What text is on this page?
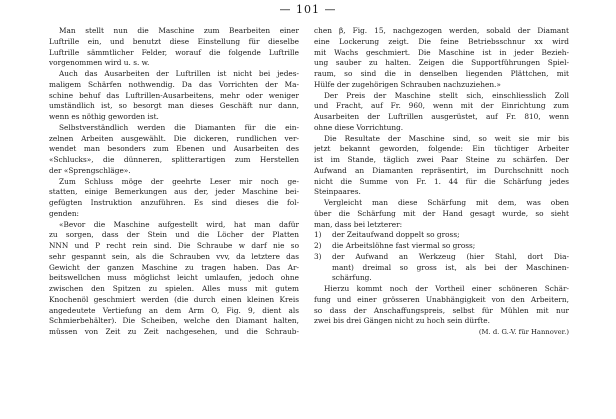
— 101 —
Man stellt nun die Maschine zum Bearbeiten einer
Luftrille ein, und benutzt diese Einstellung für dieselbe
Luftrille sämmtlicher Felder, worauf die folgende Luftrille
vorgenommen wird u. s. w.
Auch das Ausarbeiten der Luftrillen ist nicht bei jedes-
maligem Schärfen nothwendig. Da das Vorrichten der Ma-
schine behuf das Luftrillen-Ausarbeitens, mehr oder weniger
umständlich ist, so besorgt man dieses Geschäft nur dann,
wenn es nöthig geworden ist.
Selbstverständlich werden die Diamanten für die ein-
zelnen Arbeiten ausgewählt. Die dickeren, rundlichen ver-
wendet man besonders zum Ebenen und Ausarbeiten des
«Schlucks», die dünneren, splitterartigen zum Herstellen
der «Sprengschläge».
Zum Schluss möge der geehrte Leser mir noch ge-
statten, einige Bemerkungen aus der, jeder Maschine bei-
gefügten Instruktion anzuführen. Es sind dieses die fol-
genden:
«Bevor die Maschine aufgestellt wird, hat man dafür
zu sorgen, dass der Stein und die Löcher der Platten
NNN und P recht rein sind. Die Schraube w darf nie so
sehr gespannt sein, als die Schrauben vvv, da letztere das
Gewicht der ganzen Maschine zu tragen haben. Das Ar-
beitswellchen muss möglichst leicht umlaufen, jedoch ohne
zwischen den Spitzen zu spielen. Alles muss mit gutem
Knochenöl geschmiert werden (die durch einen kleinen Kreis
angedeutete Vertiefung an dem Arm O, Fig. 9, dient als
Schmierbehälter). Die Scheiben, welche den Diamant halten,
müssen von Zeit zu Zeit nachgesehen, und die Schraub-
chen β, Fig. 15, nachgezogen werden, sobald der Diamant
eine Lockerung zeigt. Die feine Betriebsschnur xx wird
mit Wachs geschmiert. Die Maschine ist in jeder Bezieh-
ung sauber zu halten. Zeigen die Supportführungen Spiel-
raum, so sind die in denselben liegenden Plättchen, mit
Hülfe der zugehörigen Schrauben nachzuziehen.»
Der Preis der Maschine stellt sich, einschliesslich Zoll
und Fracht, auf Fr. 960, wenn mit der Einrichtung zum
Ausarbeiten der Luftrillen ausgerüstet, auf Fr. 810, wenn
ohne diese Vorrichtung.
Die Resultate der Maschine sind, so weit sie mir bis
jetzt bekannt geworden, folgende: Ein tüchtiger Arbeiter
ist im Stande, täglich zwei Paar Steine zu schärfen. Der
Aufwand an Diamanten repräsentirt, im Durchschnitt noch
nicht die Summe von Fr. 1. 44 für die Schärfung jedes
Steinpaares.
Vergleicht man diese Schärfung mit dem, was oben
über die Schärfung mit der Hand gesagt wurde, so sieht
man, dass bei letzterer:
1) der Zeitaufwand doppelt so gross;
2) die Arbeitslöhne fast viermal so gross;
3) der Aufwand an Werkzeug (hier Stahl, dort Dia-
mant) dreimal so gross ist, als bei der Maschinen-
schärfung.
Hierzu kommt noch der Vortheil einer schöneren Schär-
fung und einer grösseren Unabhängigkeit von den Arbeitern,
so dass der Anschaffungspreis, selbst für Mühlen mit nur
zwei bis drei Gängen nicht zu hoch sein dürfte.
(M. d. G.-V. für Hannover.)
